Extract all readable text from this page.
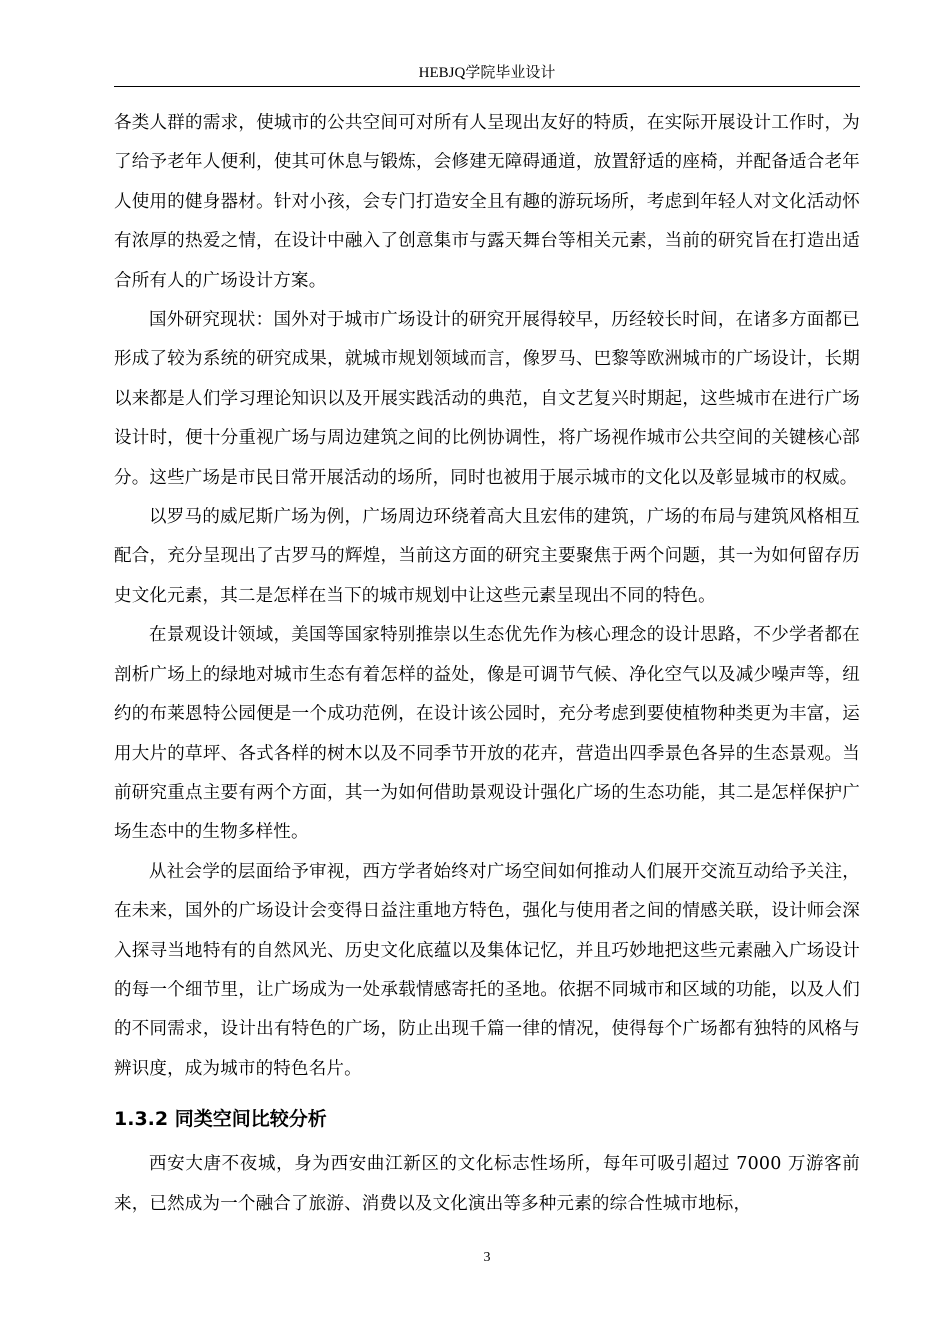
HEBJQ学院毕业设计

各类人群的需求，使城市的公共空间可对所有人呈现出友好的特质，在实际开展设计工作时，为了给予老年人便利，使其可休息与锻炼，会修建无障碍通道，放置舒适的座椅，并配备适合老年人使用的健身器材。针对小孩，会专门打造安全且有趣的游玩场所，考虑到年轻人对文化活动怀有浓厚的热爱之情，在设计中融入了创意集市与露天舞台等相关元素，当前的研究旨在打造出适合所有人的广场设计方案。

国外研究现状：国外对于城市广场设计的研究开展得较早，历经较长时间，在诸多方面都已形成了较为系统的研究成果，就城市规划领域而言，像罗马、巴黎等欧洲城市的广场设计，长期以来都是人们学习理论知识以及开展实践活动的典范，自文艺复兴时期起，这些城市在进行广场设计时，便十分重视广场与周边建筑之间的比例协调性，将广场视作城市公共空间的关键核心部分。这些广场是市民日常开展活动的场所，同时也被用于展示城市的文化以及彰显城市的权威。

以罗马的威尼斯广场为例，广场周边环绕着高大且宏伟的建筑，广场的布局与建筑风格相互配合，充分呈现出了古罗马的辉煌，当前这方面的研究主要聚焦于两个问题，其一为如何留存历史文化元素，其二是怎样在当下的城市规划中让这些元素呈现出不同的特色。

在景观设计领域，美国等国家特别推崇以生态优先作为核心理念的设计思路，不少学者都在剖析广场上的绿地对城市生态有着怎样的益处，像是可调节气候、净化空气以及减少噪声等，纽约的布莱恩特公园便是一个成功范例，在设计该公园时，充分考虑到要使植物种类更为丰富，运用大片的草坪、各式各样的树木以及不同季节开放的花卉，营造出四季景色各异的生态景观。当前研究重点主要有两个方面，其一为如何借助景观设计强化广场的生态功能，其二是怎样保护广场生态中的生物多样性。

从社会学的层面给予审视，西方学者始终对广场空间如何推动人们展开交流互动给予关注，在未来，国外的广场设计会变得日益注重地方特色，强化与使用者之间的情感关联，设计师会深入探寻当地特有的自然风光、历史文化底蕴以及集体记忆，并且巧妙地把这些元素融入广场设计的每一个细节里，让广场成为一处承载情感寄托的圣地。依据不同城市和区域的功能，以及人们的不同需求，设计出有特色的广场，防止出现千篇一律的情况，使得每个广场都有独特的风格与辨识度，成为城市的特色名片。

1.3.2 同类空间比较分析

西安大唐不夜城，身为西安曲江新区的文化标志性场所，每年可吸引超过 7000 万游客前来，已然成为一个融合了旅游、消费以及文化演出等多种元素的综合性城市地标，

3
